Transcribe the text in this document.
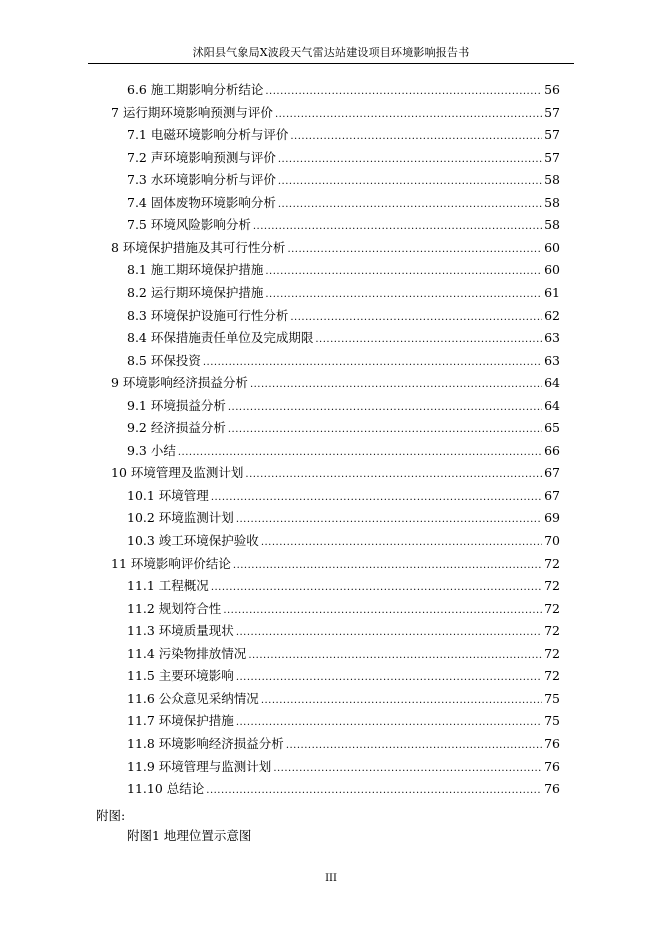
沭阳县气象局X波段天气雷达站建设项目环境影响报告书
6.6 施工期影响分析结论 .....	56
7 运行期环境影响预测与评价 .....	57
7.1 电磁环境影响分析与评价 .....	57
7.2 声环境影响预测与评价 .....	57
7.3 水环境影响分析与评价 .....	58
7.4 固体废物环境影响分析 .....	58
7.5 环境风险影响分析 .....	58
8 环境保护措施及其可行性分析 .....	60
8.1 施工期环境保护措施 .....	60
8.2 运行期环境保护措施 .....	61
8.3 环境保护设施可行性分析 .....	62
8.4 环保措施责任单位及完成期限 .....	63
8.5 环保投资 .....	63
9 环境影响经济损益分析 .....	64
9.1 环境损益分析 .....	64
9.2 经济损益分析 .....	65
9.3 小结 .....	66
10 环境管理及监测计划 .....	67
10.1 环境管理 .....	67
10.2 环境监测计划 .....	69
10.3 竣工环境保护验收 .....	70
11 环境影响评价结论 .....	72
11.1 工程概况 .....	72
11.2 规划符合性 .....	72
11.3 环境质量现状 .....	72
11.4 污染物排放情况 .....	72
11.5 主要环境影响 .....	72
11.6 公众意见采纳情况 .....	75
11.7 环境保护措施 .....	75
11.8 环境影响经济损益分析 .....	76
11.9 环境管理与监测计划 .....	76
11.10 总结论 .....	76
附图:
附图1 地理位置示意图
III
